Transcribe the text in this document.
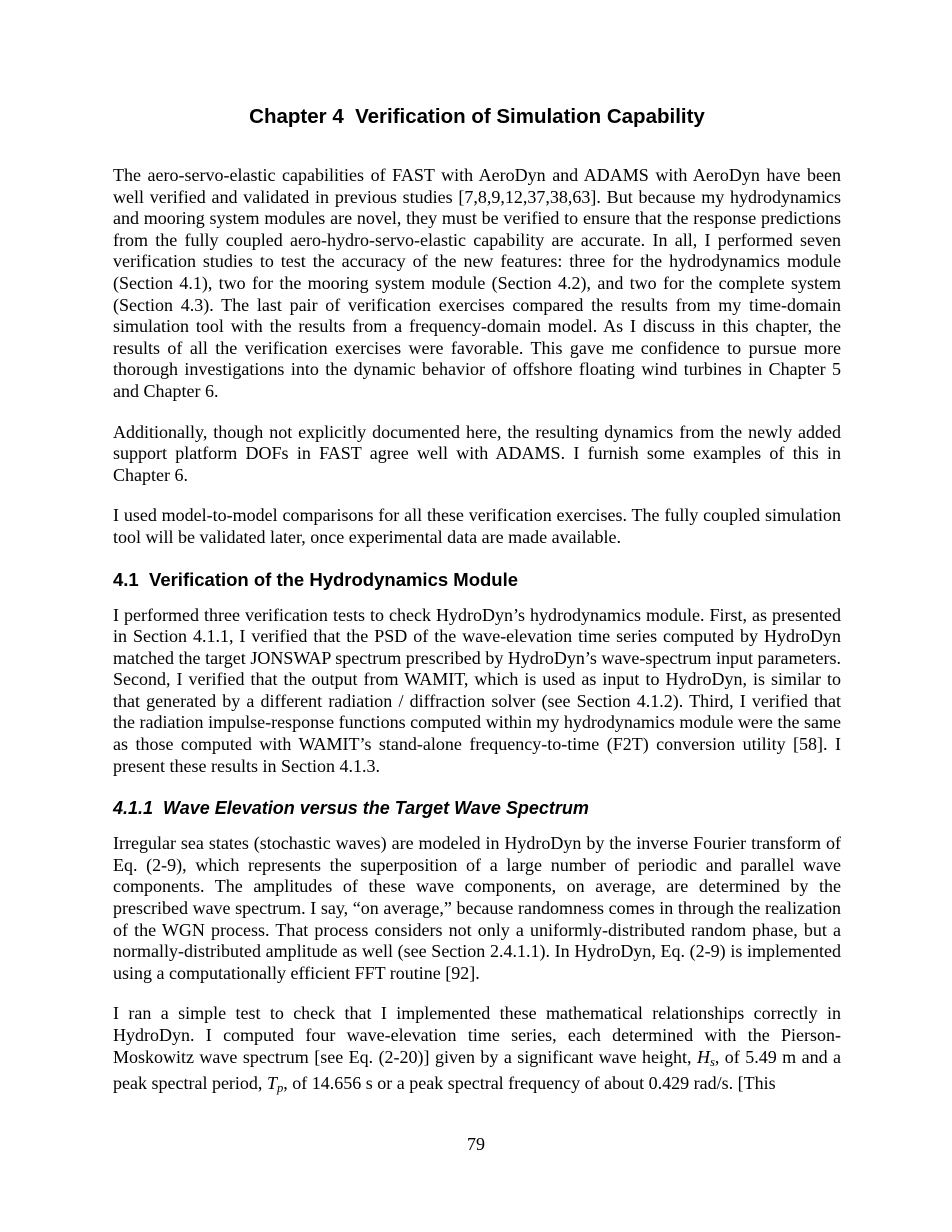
Chapter 4  Verification of Simulation Capability

The aero-servo-elastic capabilities of FAST with AeroDyn and ADAMS with AeroDyn have been well verified and validated in previous studies [7,8,9,12,37,38,63]. But because my hydrodynamics and mooring system modules are novel, they must be verified to ensure that the response predictions from the fully coupled aero-hydro-servo-elastic capability are accurate. In all, I performed seven verification studies to test the accuracy of the new features: three for the hydrodynamics module (Section 4.1), two for the mooring system module (Section 4.2), and two for the complete system (Section 4.3). The last pair of verification exercises compared the results from my time-domain simulation tool with the results from a frequency-domain model. As I discuss in this chapter, the results of all the verification exercises were favorable. This gave me confidence to pursue more thorough investigations into the dynamic behavior of offshore floating wind turbines in Chapter 5 and Chapter 6.

Additionally, though not explicitly documented here, the resulting dynamics from the newly added support platform DOFs in FAST agree well with ADAMS. I furnish some examples of this in Chapter 6.

I used model-to-model comparisons for all these verification exercises. The fully coupled simulation tool will be validated later, once experimental data are made available.

4.1  Verification of the Hydrodynamics Module

I performed three verification tests to check HydroDyn’s hydrodynamics module. First, as presented in Section 4.1.1, I verified that the PSD of the wave-elevation time series computed by HydroDyn matched the target JONSWAP spectrum prescribed by HydroDyn’s wave-spectrum input parameters. Second, I verified that the output from WAMIT, which is used as input to HydroDyn, is similar to that generated by a different radiation / diffraction solver (see Section 4.1.2). Third, I verified that the radiation impulse-response functions computed within my hydrodynamics module were the same as those computed with WAMIT’s stand-alone frequency-to-time (F2T) conversion utility [58]. I present these results in Section 4.1.3.

4.1.1  Wave Elevation versus the Target Wave Spectrum

Irregular sea states (stochastic waves) are modeled in HydroDyn by the inverse Fourier transform of Eq. (2-9), which represents the superposition of a large number of periodic and parallel wave components. The amplitudes of these wave components, on average, are determined by the prescribed wave spectrum. I say, “on average,” because randomness comes in through the realization of the WGN process. That process considers not only a uniformly-distributed random phase, but a normally-distributed amplitude as well (see Section 2.4.1.1). In HydroDyn, Eq. (2-9) is implemented using a computationally efficient FFT routine [92].

I ran a simple test to check that I implemented these mathematical relationships correctly in HydroDyn. I computed four wave-elevation time series, each determined with the Pierson-Moskowitz wave spectrum [see Eq. (2-20)] given by a significant wave height, Hs, of 5.49 m and a peak spectral period, Tp, of 14.656 s or a peak spectral frequency of about 0.429 rad/s. [This

79
